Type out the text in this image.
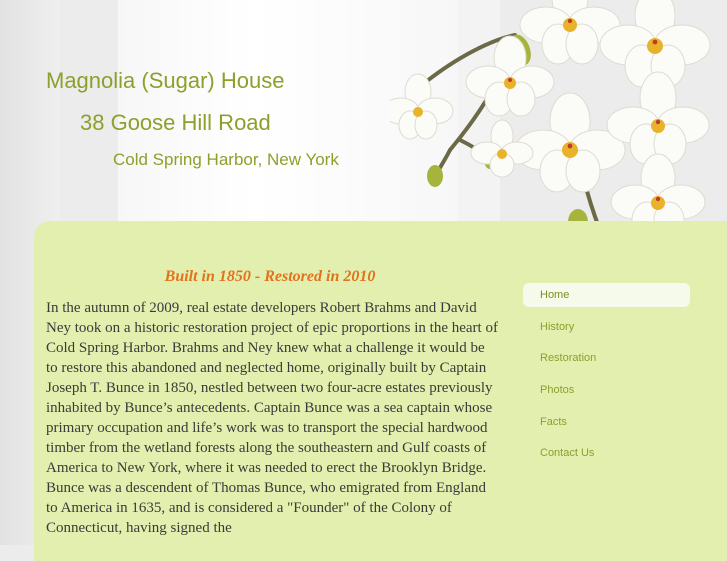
Magnolia (Sugar) House
38 Goose Hill Road
Cold Spring Harbor, New York
Built in 1850 - Restored in 2010

In the autumn of 2009, real estate developers Robert Brahms and David Ney took on a historic restoration project of epic proportions in the heart of Cold Spring Harbor. Brahms and Ney knew what a challenge it would be to restore this abandoned and neglected home, originally built by Captain Joseph T. Bunce in 1850, nestled between two four-acre estates previously inhabited by Bunce’s antecedents. Captain Bunce was a sea captain whose primary occupation and life’s work was to transport the special hardwood timber from the wetland forests along the southeastern and Gulf coasts of America to New York, where it was needed to erect the Brooklyn Bridge. Bunce was a descendent of Thomas Bunce, who emigrated from England to America in 1635, and is considered a "Founder" of the Colony of Connecticut, having signed the

Home
History
Restoration
Photos
Facts
Contact Us
